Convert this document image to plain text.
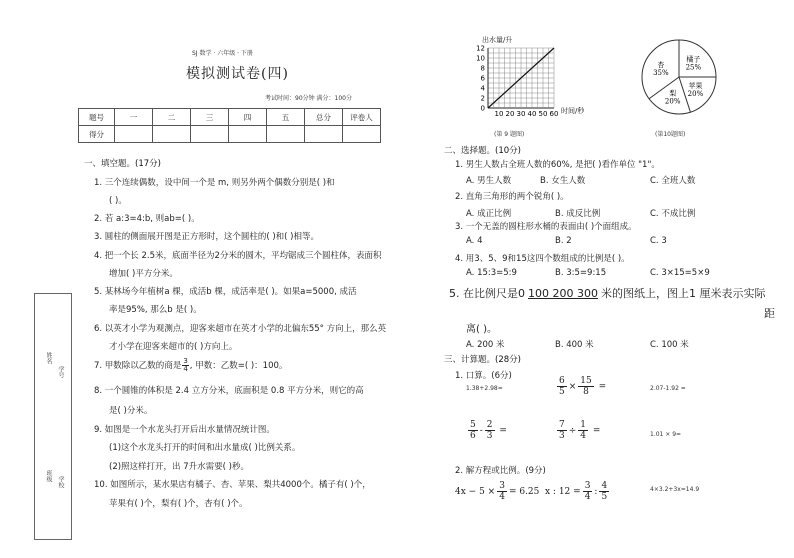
SJ 数学 · 六年级 · 下册
模拟测试卷(四)
考试时间：90分钟 满分：100分
题号	一	二	三	四	五	总分	评卷人
得分							
姓名
学号
班级 学校
一、填空题。(17分)
1. 三个连续偶数，设中间一个是 m, 则另外两个偶数分别是( )和
( )。
2. 若 a:3=4:b, 则ab=( )。
3. 圆柱的侧面展开图是正方形时，这个圆柱的( )和( )相等。
4. 把一个长 2.5米，底面半径为2分米的圆木，平均锯成三个圆柱体，表面积
增加( )平方分米。
5. 某林场今年植树a 棵，成活b 棵，成活率是( )。如果a=5000, 成活
率是95%, 那么b 是( )。
6. 以英才小学为观测点，迎客来超市在英才小学的北偏东55° 方向上，那么英
才小学在迎客来超市的( )方向上。
7. 甲数除以乙数的商是 $\frac{3}{4}$ , 甲数：乙数=( )：100。
8. 一个圆锥的体积是 2.4 立方分米，底面积是 0.8 平方分米，则它的高
是( )分米。
9. 如图是一个水龙头打开后出水量情况统计图。
(1)这个水龙头打开的时间和出水量成( )比例关系。
(2)照这样打开，出 7升水需要( )秒。
10. 如图所示，某水果店有橘子、杏、苹果、梨共4000个。橘子有( )个，
苹果有( )个，梨有( )个，杏有( )个。
出水量/升
12
10
8
6
4
2
0
10 20 30 40 50 60 时间/秒
(第 9 题图)
橘子
25%
苹果
20%
梨
20%
杏
35%
(第10题图)
二、选择题。(10分)
1. 男生人数占全班人数的60%, 是把( )看作单位 "1"。
A. 男生人数	B. 女生人数	C. 全班人数
2. 直角三角形的两个锐角( )。
A. 成正比例	B. 成反比例	C. 不成比例
3. 一个无盖的圆柱形水桶的表面由( )个面组成。
A. 4	B. 2	C. 3
4. 用3、5、9和15这四个数组成的比例是( )。
A. 15:3=5:9	B. 3:5=9:15	C. 3×15=5×9
5. 在比例尺是0 100 200 300 米的图纸上，图上1 厘米表示实际
距
离( )。
A. 200 米	B. 400 米	C. 100 米
三、计算题。(28分)
1. 口算。(6分)
1.38+2.98=	$\frac{6}{5} \times \frac{15}{8}$ =	2.07-1.92 =
$\frac{5}{6} - \frac{2}{3}$ =	$\frac{7}{3} \div \frac{1}{4}$ =	1.01 × 9=
2. 解方程或比例。(9分)
$4x - 5 \times \frac{3}{4} = 6.25$ x : $12 = \frac{3}{4}$ : $\frac{4}{5}$	4×3.2+3x=14.9
